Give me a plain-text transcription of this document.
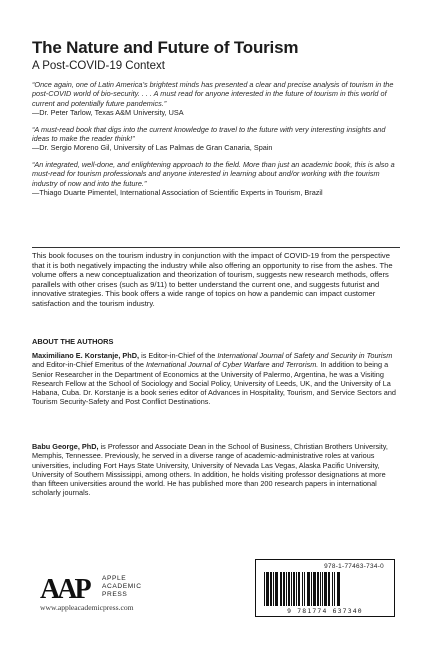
The Nature and Future of Tourism

A Post-COVID-19 Context

“Once again, one of Latin America’s brightest minds has presented a clear and precise analysis of tourism in the post-COVID world of bio-security. . . . A must read for anyone interested in the future of tourism in this world of current and potentially future pandemics.”

—Dr. Peter Tarlow, Texas A&M University, USA

“A must-read book that digs into the current knowledge to travel to the future with very interesting insights and ideas to make the reader think!”

—Dr. Sergio Moreno Gil, University of Las Palmas de Gran Canaria, Spain

“An integrated, well-done, and enlightening approach to the field. More than just an academic book, this is also a must-read for tourism professionals and anyone interested in learning about and/or working with the tourism industry of now and into the future.”

—Thiago Duarte Pimentel, International Association of Scientific Experts in Tourism, Brazil

This book focuses on the tourism industry in conjunction with the impact of COVID-19 from the perspective that it is both negatively impacting the industry while also offering an opportunity to rise from the ashes. The volume offers a new conceptualization and theorization of tourism, suggests new research methods, offers parallels with other crises (such as 9/11) to better understand the current one, and suggests futurist and innovative strategies. This book offers a wide range of topics on how a pandemic can impact customer satisfaction and the tourism industry.

ABOUT THE AUTHORS

Maximiliano E. Korstanje, PhD, is Editor-in-Chief of the International Journal of Safety and Security in Tourism and Editor-in-Chief Emeritus of the International Journal of Cyber Warfare and Terrorism. In addition to being a Senior Researcher in the Department of Economics at the University of Palermo, Argentina, he was a Visiting Research Fellow at the School of Sociology and Social Policy, University of Leeds, UK, and the University of La Habana, Cuba. Dr. Korstanje is a book series editor of Advances in Hospitality, Tourism, and Service Sectors and Tourism Security-Safety and Post Conflict Destinations.

Babu George, PhD, is Professor and Associate Dean in the School of Business, Christian Brothers University, Memphis, Tennessee. Previously, he served in a diverse range of academic-administrative roles at various universities, including Fort Hays State University, University of Nevada Las Vegas, Alaska Pacific University, University of Southern Mississippi, among others. In addition, he holds visiting professor designations at more than fifteen universities around the world. He has published more than 200 research papers in international scholarly journals.

AAP	APPLE
ACADEMIC
PRESS
www.appleacademicpress.com
978-1-77463-734-0
9 781774 637340
